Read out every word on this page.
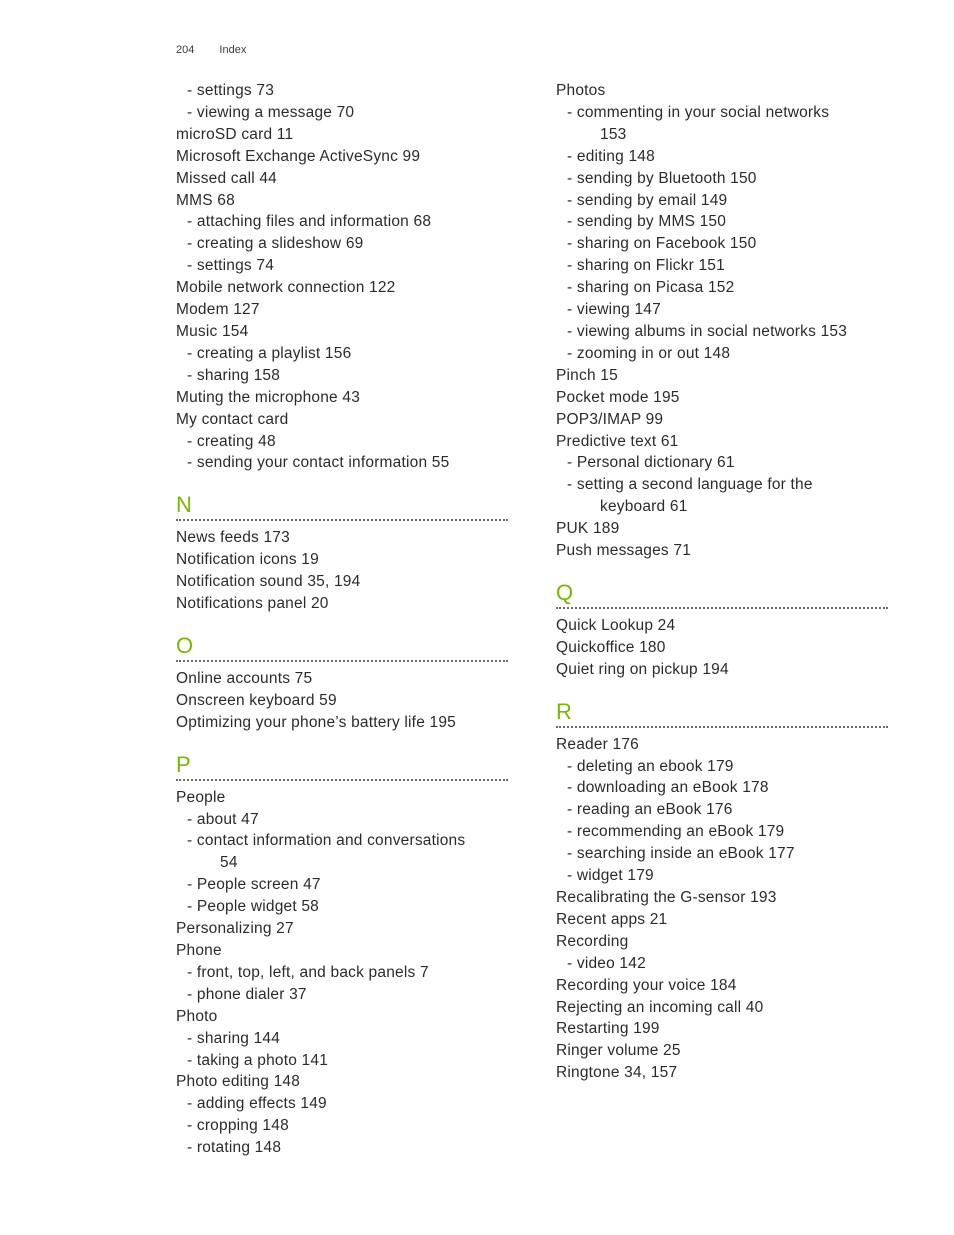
204 Index
- settings 73
- viewing a message 70
microSD card 11
Microsoft Exchange ActiveSync 99
Missed call 44
MMS 68
- attaching files and information 68
- creating a slideshow 69
- settings 74
Mobile network connection 122
Modem 127
Music 154
- creating a playlist 156
- sharing 158
Muting the microphone 43
My contact card
- creating 48
- sending your contact information 55
N
News feeds 173
Notification icons 19
Notification sound 35, 194
Notifications panel 20
O
Online accounts 75
Onscreen keyboard 59
Optimizing your phone’s battery life 195
P
People
- about 47
- contact information and conversations
54
- People screen 47
- People widget 58
Personalizing 27
Phone
- front, top, left, and back panels 7
- phone dialer 37
Photo
- sharing 144
- taking a photo 141
Photo editing 148
- adding effects 149
- cropping 148
- rotating 148
Photos
- commenting in your social networks
153
- editing 148
- sending by Bluetooth 150
- sending by email 149
- sending by MMS 150
- sharing on Facebook 150
- sharing on Flickr 151
- sharing on Picasa 152
- viewing 147
- viewing albums in social networks 153
- zooming in or out 148
Pinch 15
Pocket mode 195
POP3/IMAP 99
Predictive text 61
- Personal dictionary 61
- setting a second language for the
keyboard 61
PUK 189
Push messages 71
Q
Quick Lookup 24
Quickoffice 180
Quiet ring on pickup 194
R
Reader 176
- deleting an ebook 179
- downloading an eBook 178
- reading an eBook 176
- recommending an eBook 179
- searching inside an eBook 177
- widget 179
Recalibrating the G-sensor 193
Recent apps 21
Recording
- video 142
Recording your voice 184
Rejecting an incoming call 40
Restarting 199
Ringer volume 25
Ringtone 34, 157
